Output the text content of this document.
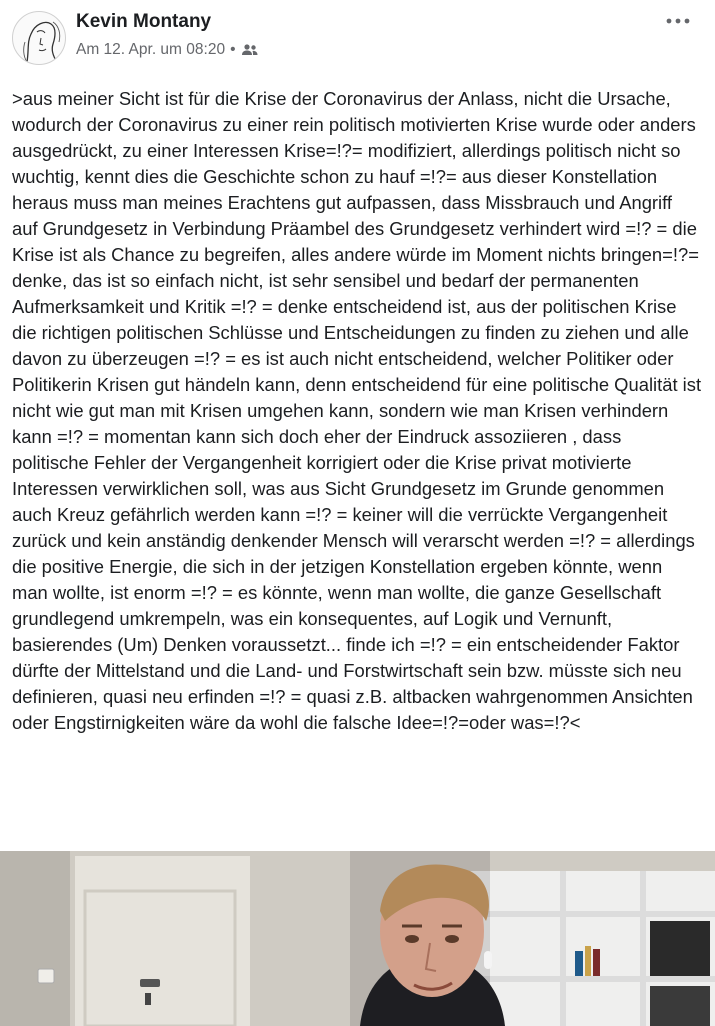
Kevin Montany
Am 12. Apr. um 08:20 •
>aus meiner Sicht ist für die Krise der Coronavirus der Anlass, nicht die Ursache, wodurch der Coronavirus zu einer rein politisch motivierten Krise wurde oder anders ausgedrückt, zu einer Interessen Krise=!?= modifiziert, allerdings politisch nicht so wuchtig, kennt dies die Geschichte schon zu hauf =!?= aus dieser Konstellation heraus muss man meines Erachtens gut aufpassen, dass Missbrauch und Angriff auf Grundgesetz in Verbindung Präambel des Grundgesetz verhindert wird =!? = die Krise ist als Chance zu begreifen, alles andere würde im Moment nichts bringen=!?= denke, das ist so einfach nicht, ist sehr sensibel und bedarf der permanenten Aufmerksamkeit und Kritik =!? = denke entscheidend ist, aus der politischen Krise die richtigen politischen Schlüsse und Entscheidungen zu finden zu ziehen und alle davon zu überzeugen =!? = es ist auch nicht entscheidend, welcher Politiker oder Politikerin Krisen gut händeln kann, denn entscheidend für eine politische Qualität ist nicht wie gut man mit Krisen umgehen kann, sondern wie man Krisen verhindern kann =!? = momentan kann sich doch eher der Eindruck assoziieren , dass politische Fehler der Vergangenheit korrigiert oder die Krise privat motivierte Interessen verwirklichen soll, was aus Sicht Grundgesetz im Grunde genommen auch Kreuz gefährlich werden kann =!? = keiner will die verrückte Vergangenheit zurück und kein anständig denkender Mensch will verarscht werden =!? = allerdings die positive Energie, die sich in der jetzigen Konstellation ergeben könnte, wenn man wollte, ist enorm =!? = es könnte, wenn man wollte, die ganze Gesellschaft grundlegend umkrempeln, was ein konsequentes, auf Logik und Vernunft, basierendes (Um) Denken voraussetzt... finde ich =!? = ein entscheidender Faktor dürfte der Mittelstand und die Land- und Forstwirtschaft sein bzw. müsste sich neu definieren, quasi neu erfinden =!? = quasi z.B. altbacken wahrgenommen Ansichten oder Engstirnigkeiten wäre da wohl die falsche Idee=!?=oder was=!?<
